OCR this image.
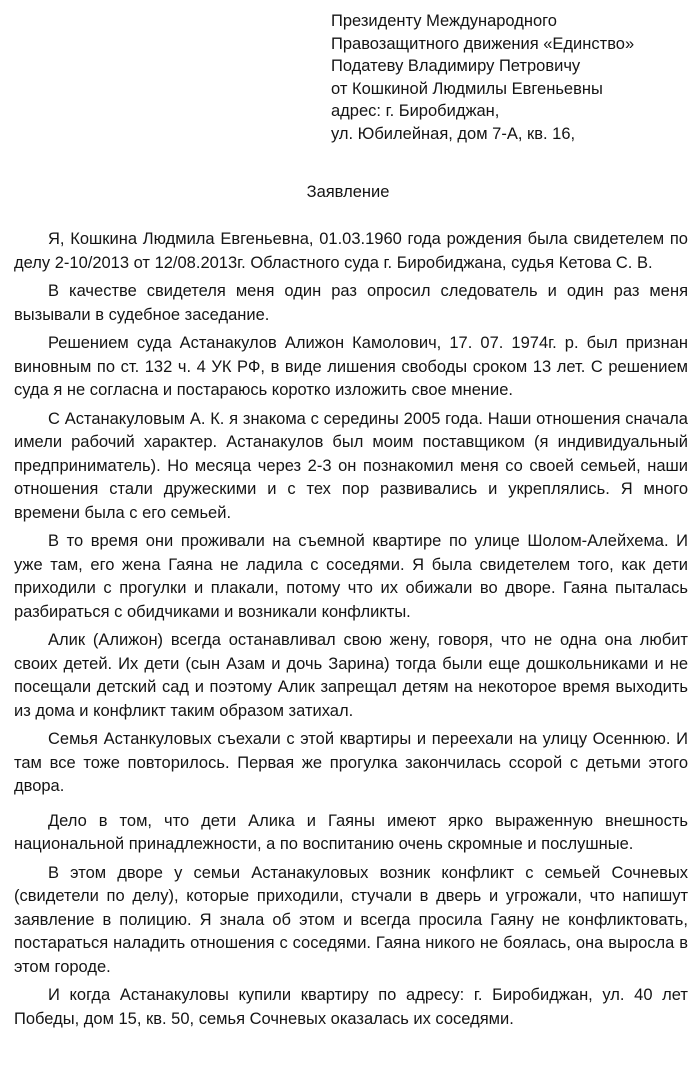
Президенту Международного
Правозащитного движения «Единство»
Податеву Владимиру Петровичу
от Кошкиной Людмилы Евгеньевны
адрес: г. Биробиджан,
ул. Юбилейная, дом 7-А, кв. 16,
Заявление

Я, Кошкина Людмила Евгеньевна, 01.03.1960 года рождения была свидетелем по делу 2-10/2013 от 12/08.2013г. Областного суда г. Биробиджана, судья Кетова С. В.

В качестве свидетеля меня один раз опросил следователь и один раз меня вызывали в судебное заседание.

Решением суда Астанакулов Алижон Камолович, 17. 07. 1974г. р. был признан виновным по ст. 132 ч. 4 УК РФ, в виде лишения свободы сроком 13 лет. С решением суда я не согласна и постараюсь коротко изложить свое мнение.

С Астанакуловым А. К. я знакома с середины 2005 года. Наши отношения сначала имели рабочий характер. Астанакулов был моим поставщиком (я индивидуальный предприниматель). Но месяца через 2-3 он познакомил меня со своей семьей, наши отношения стали дружескими и с тех пор развивались и укреплялись. Я много времени была с его семьей.

В то время они проживали на съемной квартире по улице Шолом-Алейхема. И уже там, его жена Гаяна не ладила с соседями. Я была свидетелем того, как дети приходили с прогулки и плакали, потому что их обижали во дворе. Гаяна пыталась разбираться с обидчиками и возникали конфликты.

Алик (Алижон) всегда останавливал свою жену, говоря, что не одна она любит своих детей. Их дети (сын Азам и дочь Зарина) тогда были еще дошкольниками и не посещали детский сад и поэтому Алик запрещал детям на некоторое время выходить из дома и конфликт таким образом затихал.

Семья Астанкуловых съехали с этой квартиры и переехали на улицу Осеннюю. И там все тоже повторилось. Первая же прогулка закончилась ссорой с детьми этого двора.

Дело в том, что дети Алика и Гаяны имеют ярко выраженную внешность национальной принадлежности, а по воспитанию очень скромные и послушные.

В этом дворе у семьи Астанакуловых возник конфликт с семьей Сочневых (свидетели по делу), которые приходили, стучали в дверь и угрожали, что напишут заявление в полицию. Я знала об этом и всегда просила Гаяну не конфликтовать, постараться наладить отношения с соседями. Гаяна никого не боялась, она выросла в этом городе.

И когда Астанакуловы купили квартиру по адресу: г. Биробиджан, ул. 40 лет Победы, дом 15, кв. 50, семья Сочневых оказалась их соседями.
